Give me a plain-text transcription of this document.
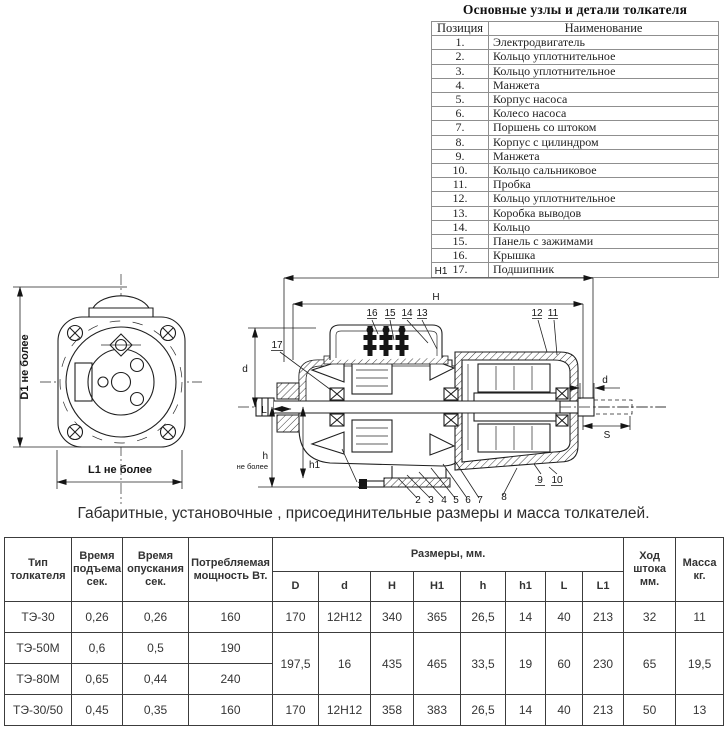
Основные узлы и детали толкателя
Позиция	Наименование
1.	Электродвигатель
2.	Кольцо уплотнительное
3.	Кольцо уплотнительное
4.	Манжета
5.	Корпус насоса
6.	Колесо насоса
7.	Поршень со штоком
8.	Корпус с цилиндром
9.	Манжета
10.	Кольцо сальниковое
11.	Пробка
12.	Кольцо уплотнительное
13.	Коробка выводов
14.	Кольцо
15.	Панель с зажимами
16.	Крышка
17.	Подшипник
D1 не более
L1 не более
H1
H
d
L
h
не более	h1
d
S
16 15 14 13	12 11
17
1
2 3 4 5 6 7 8
9 10
Габаритные, установочные , присоединительные размеры и масса толкателей.
Тип толкателя	Время подъема сек.	Время опускания сек.	Потребляемая мощность Вт.	Размеры, мм.								Ход штока мм.	Масса кг.
				D	d	H	H1	h	h1	L	L1		
ТЭ-30	0,26	0,26	160	170	12H12	340	365	26,5	14	40	213	32	11
ТЭ-50М	0,6	0,5	190	197,5	16	435	465	33,5	19	60	230	65	19,5
ТЭ-80М	0,65	0,44	240										
ТЭ-30/50	0,45	0,35	160	170	12H12	358	383	26,5	14	40	213	50	13
